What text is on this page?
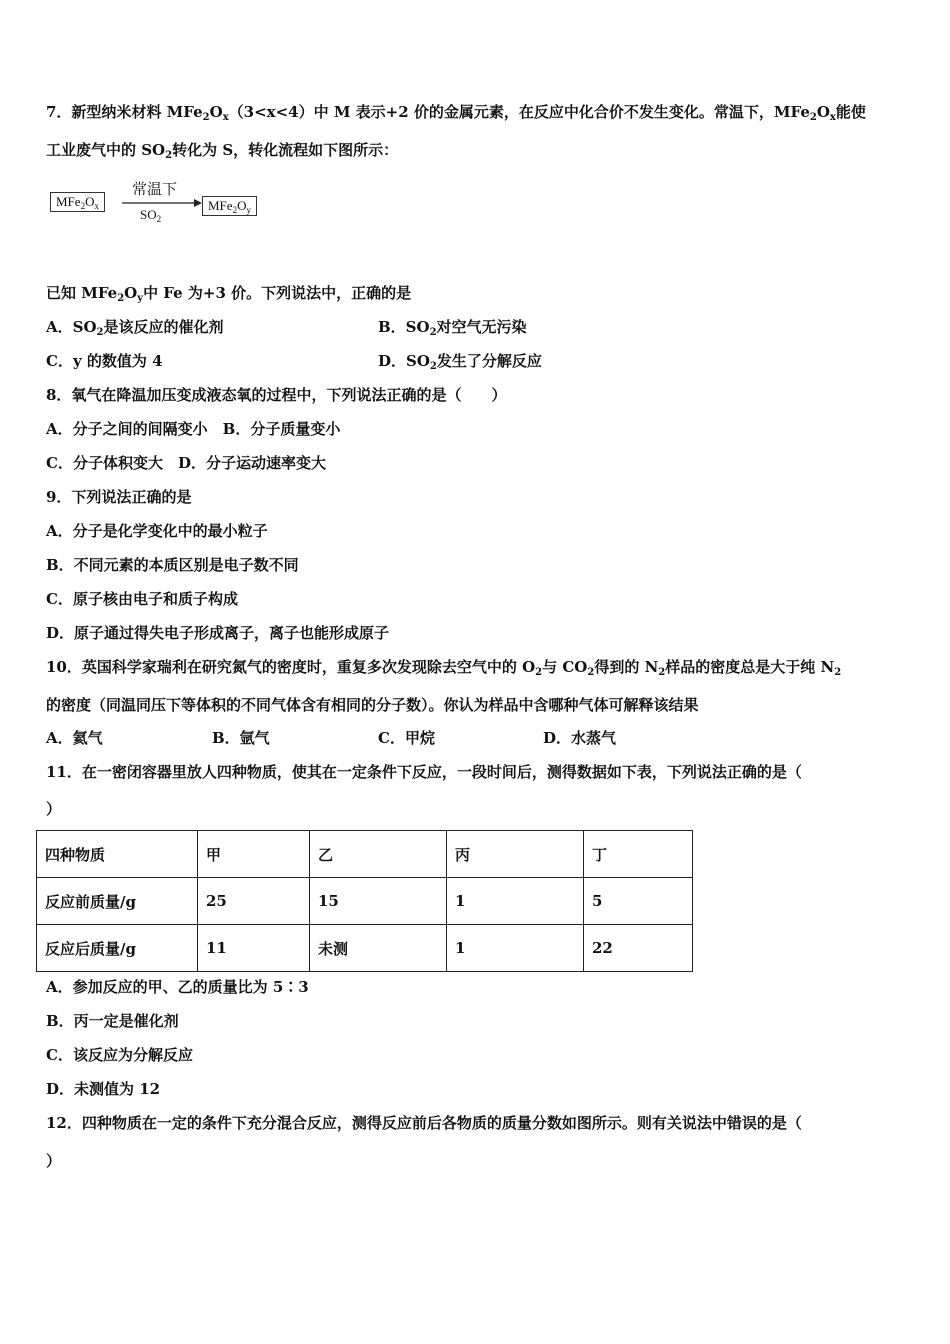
7．新型纳米材料 $MFe_2O_x(3<x<4)$中 M 表示+2 价的金属元素，在反应中化合价不发生变化。常温下，$MFe_2O_x$能使
工业废气中的 $SO_2$转化为 S，转化流程如下图所示：
$MFe_2O_x$
常温下
$SO_2$
$MFe_2O_y$
已知 $MFe_2O_y$中 Fe 为+3 价。下列说法中，正确的是
A．$SO_2$是该反应的催化剂	B．$SO_2$对空气无污染
C．y 的数值为 4	D．$SO_2$发生了分解反应
8．氧气在降温加压变成液态氧的过程中，下列说法正确的是（　　）
A．分子之间的间隔变小　B．分子质量变小
C．分子体积变大　D．分子运动速率变大
9．下列说法正确的是
A．分子是化学变化中的最小粒子
B．不同元素的本质区别是电子数不同
C．原子核由电子和质子构成
D．原子通过得失电子形成离子，离子也能形成原子
10．英国科学家瑞利在研究氮气的密度时，重复多次发现除去空气中的 $O_2$与 $CO_2$得到的 $N_2$样品的密度总是大于纯 $N_2$
的密度（同温同压下等体积的不同气体含有相同的分子数）。你认为样品中含哪种气体可解释该结果
A．氦气	B．氩气	C．甲烷	D．水蒸气
11．在一密闭容器里放人四种物质，使其在一定条件下反应，一段时间后，测得数据如下表，下列说法正确的是（
）
四种物质	甲	乙	丙	丁
反应前质量/g	25	15	1	5
反应后质量/g	11	未测	1	22
A．参加反应的甲、乙的质量比为 5∶3
B．丙一定是催化剂
C．该反应为分解反应
D．未测值为 12
12．四种物质在一定的条件下充分混合反应，测得反应前后各物质的质量分数如图所示。则有关说法中错误的是（
）
